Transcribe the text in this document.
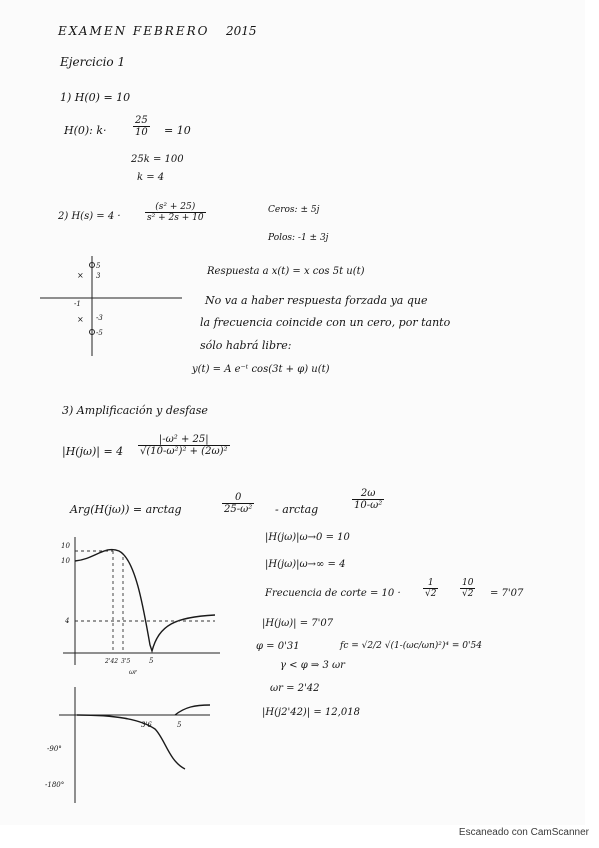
EXAMEN FEBRERO 2015
Ejercicio 1
1) H(0) = 10
H(0): k·	$\frac{25}{10} = 10$
25k = 100
k = 4
2) H(s) = 4 ·	$\frac{\text{(s² + 25)}}{\text{s² + 2s + 10}}$	Ceros: ± 5j
Polos: -1 ± 3j
×
×
5
3
-1
-3
-5
Respuesta a x(t) = x cos 5t u(t)
No va a haber respuesta forzada ya que
la frecuencia coincide con un cero, por tanto
sólo habrá libre:
y(t) = A e⁻ᵗ cos(3t + φ) u(t)
3) Amplificación y desfase
$|H(j\omega)| = 4 \frac{\text{|-ω² + 25|}}{\text{√(10-ω²)² + (2ω)²}}$
Arg(H(jω)) = arctag	$\frac{0}{\text{25-ω²}}$ - arctag	$\frac{2\omega}{\text{10-ω²}}$
10
10
4
2'42 3'5	5
ωr
3'6	5
-90°
-180°
|H(jω)|ω→0 = 10
|H(jω)|ω→∞ = 4
Frecuencia de corte = $10 \cdot \frac{1}{√2} \frac{10}{√2} = 7'07$
|H(jω)| = 7'07
φ = 0'31	fc = √2/2 √(1-(ωc/ωn)²)⁴ = 0'54
γ < φ ⇒ 3 ωr
ωr = 2'42
|H(j2'42)| = 12,018
Escaneado con CamScanner
